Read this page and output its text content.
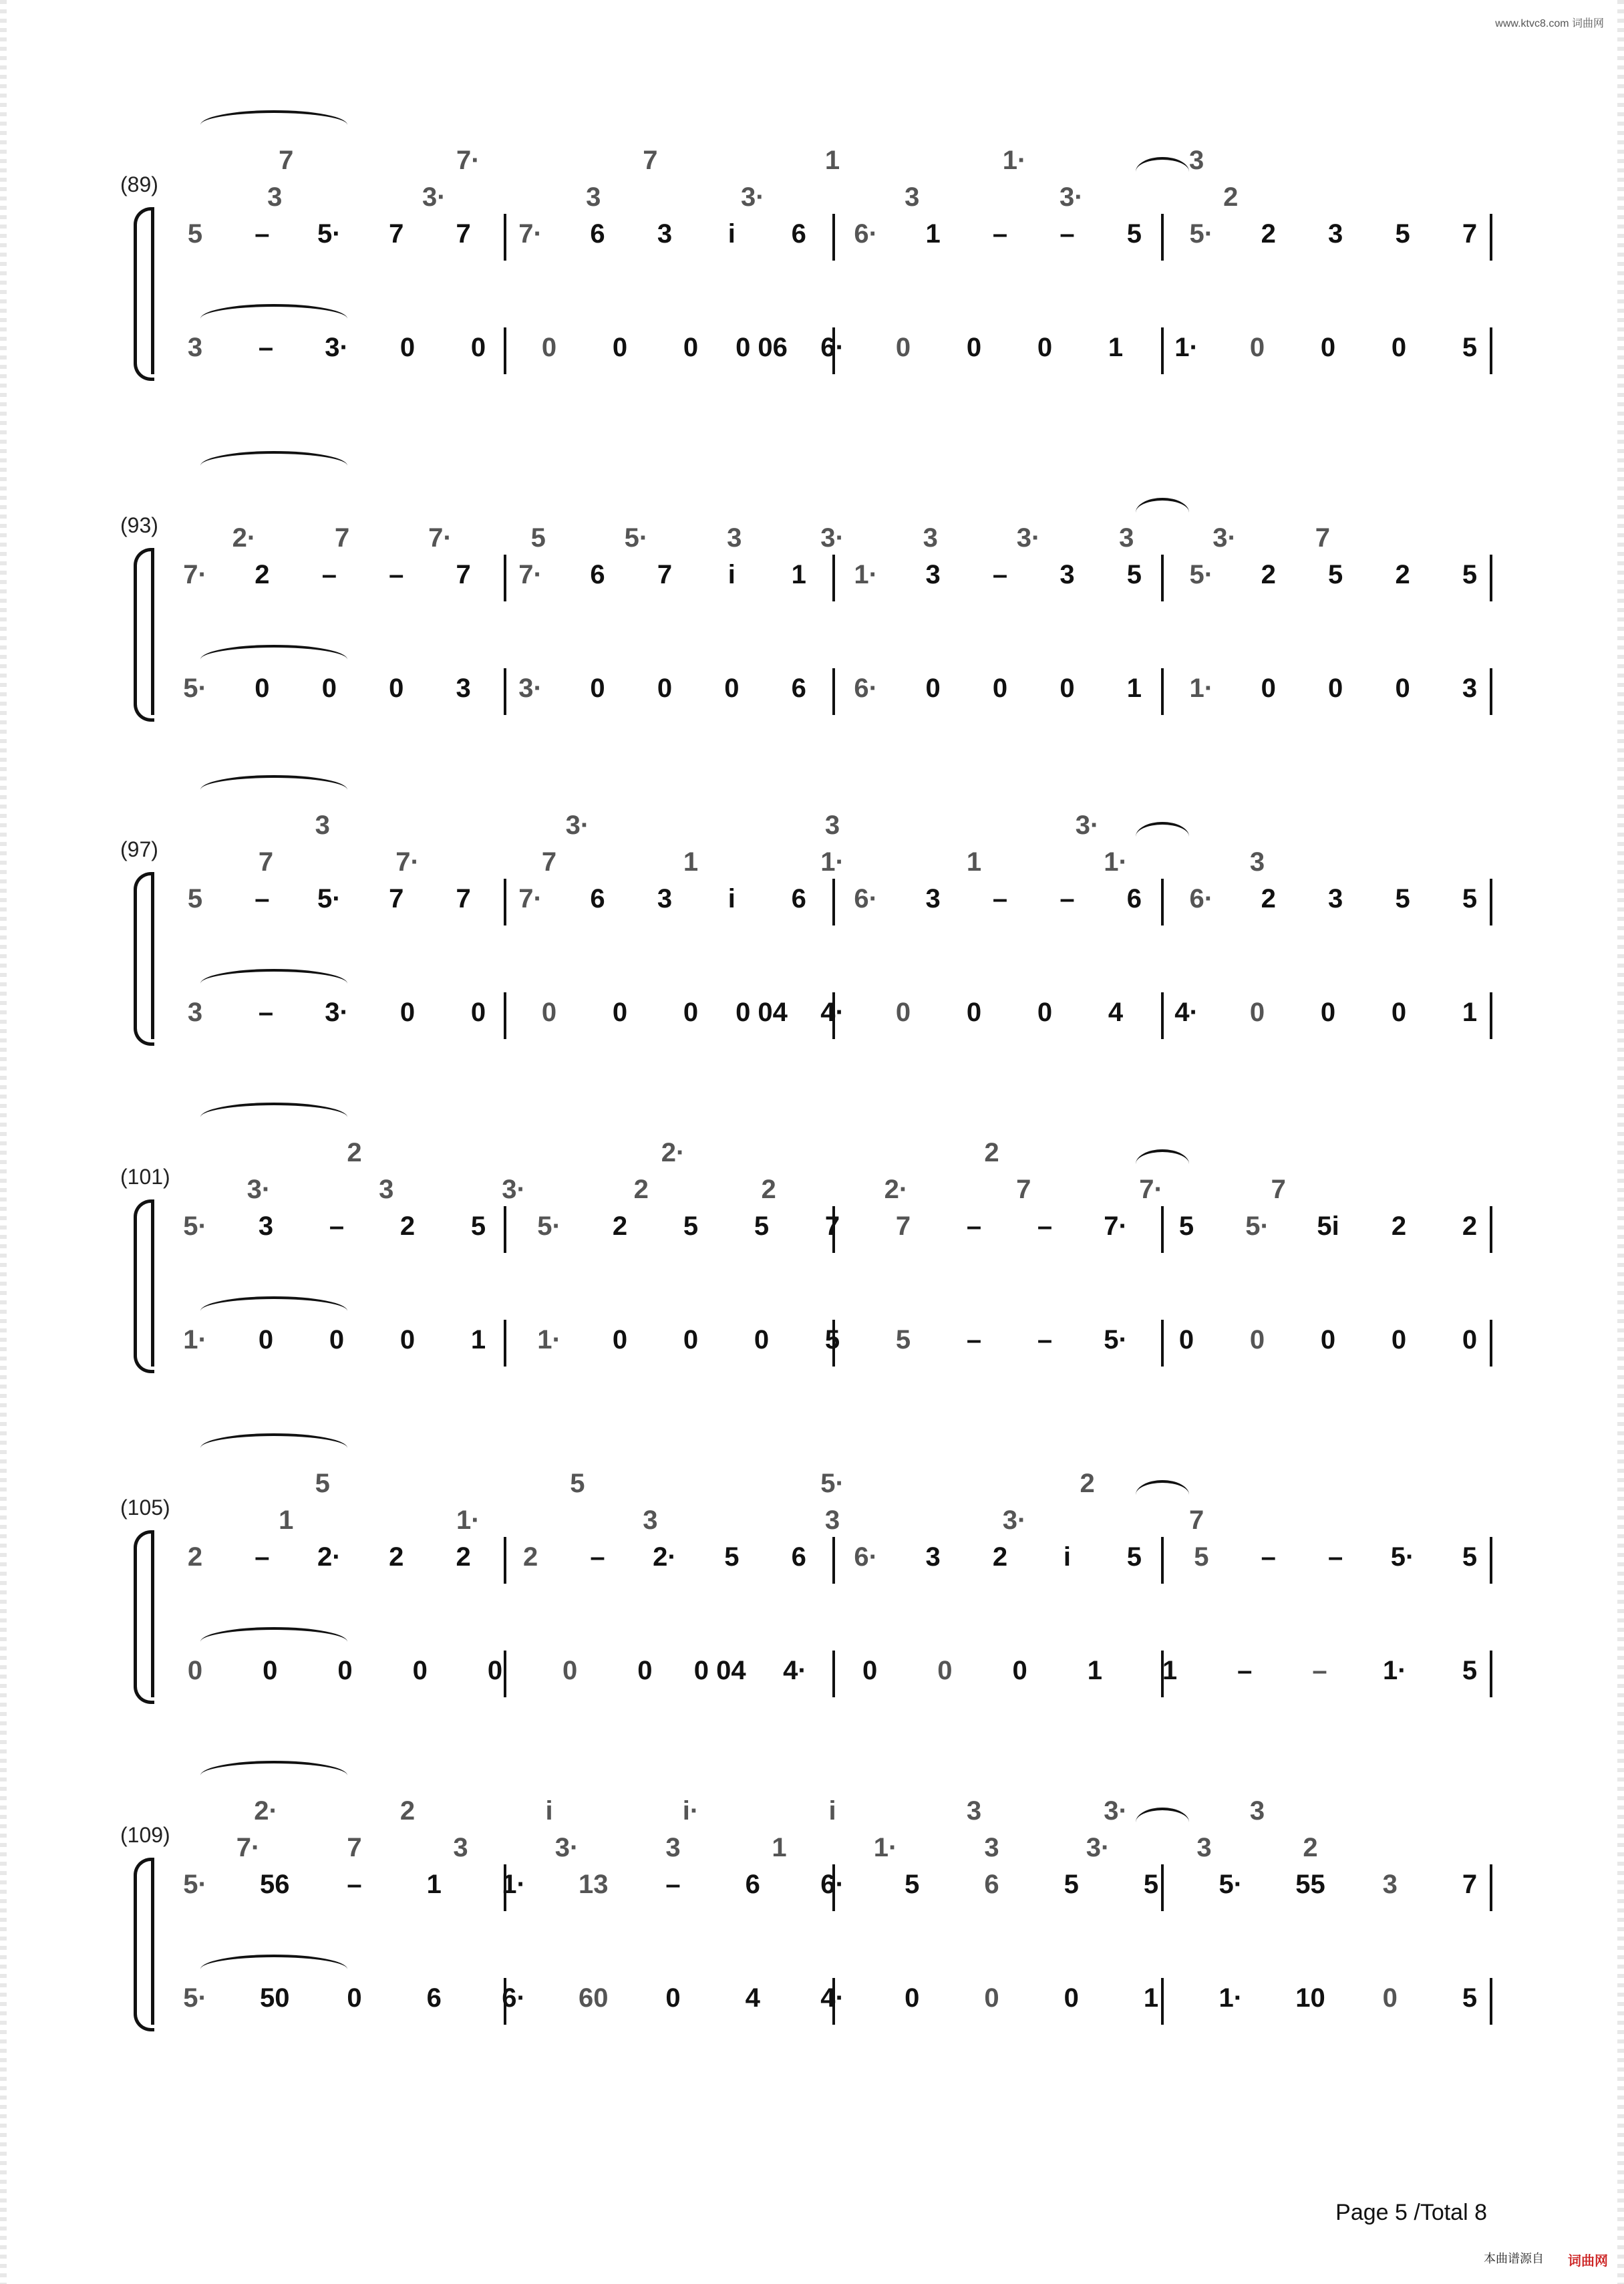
www.ktvc8.com 词曲网
(89)
7	7·	7	1	1·	3
3	3·	3	3·	3	3·	2
5 – 5· 7 7 7· 6 3 i 6 6· 1 – – 5 5· 2 3 5 7
3 – 3· 0 0 0 0 0 0 06 6· 0 0 0 1 1· 0 0 0 5
(93)	2·	7	7·	5	5·	3	3·	3	3·	3	3·	7
7· 2 – – 7 7· 6 7 i 1 1· 3 – 3 5 5· 2 5 2 5
5· 0 0 0 3 3· 0 0 0 6 6· 0 0 0 1 1· 0 0 0 3
(97)
3	3·	3	3·
7	7·	7	1	1·	1	1·	3
5 – 5· 7 7 7· 6 3 i 6 6· 3 – – 6 6· 2 3 5 5
3 – 3· 0 0 0 0 0 0 04 4· 0 0 0 4 4· 0 0 0 1
(101)
2	2·	2
3·	3	3·	2	2	2·	7	7·	7
5· 3 – 2 5 5· 2 5 5 7 7 – – 7· 5 5· 5i 2 2
1· 0 0 0 1 1· 0 0 0 5 5 – – 5· 0 0 0 0 0
(105)
5	5	5·	2
1	1·	3	3	3·	7
2 – 2· 2 2 2 – 2· 5 6 6· 3 2 i 5 5 – – 5· 5
0 0 0 0 0 0 0 0 04 4· 0 0 0 1 1 – – 1· 5
(109)
2·	2	i	i·	i	3	3·	3
7·	7	3	3·	3	1	1·	3	3·	3	2
5· 56 – 1 1· 13 – 6 6· 5 6 5 5 5· 55 3 7
5· 50 0 6 6· 60 0 4 4· 0 0 0 1 1· 10 0 5
Page 5 /Total 8
本曲谱源自 词曲网
